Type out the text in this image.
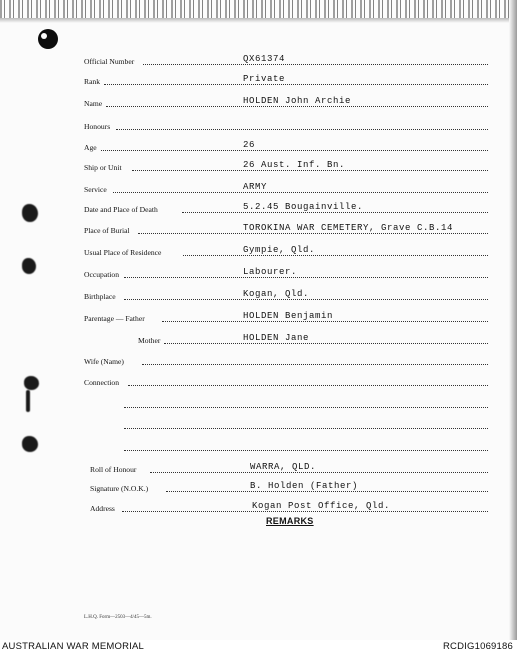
Official Number	QX61374
Rank	Private
Name	HOLDEN John Archie
Honours
Age	26
Ship or Unit	26 Aust. Inf. Bn.
Service	ARMY
Date and Place of Death	5.2.45 Bougainville.
Place of Burial	TOROKINA WAR CEMETERY, Grave C.B.14
Usual Place of Residence	Gympie, Qld.
Occupation	Labourer.
Birthplace	Kogan, Qld.
Parentage — Father	HOLDEN Benjamin
Mother	HOLDEN Jane
Wife (Name)
Connection
Roll of Honour	WARRA, QLD.
Signature (N.O.K.)	B. Holden (Father)
Address	Kogan Post Office, Qld.
REMARKS
L.H.Q. Form—2503—4/45—5m.
AUSTRALIAN WAR MEMORIAL	RCDIG1069186
